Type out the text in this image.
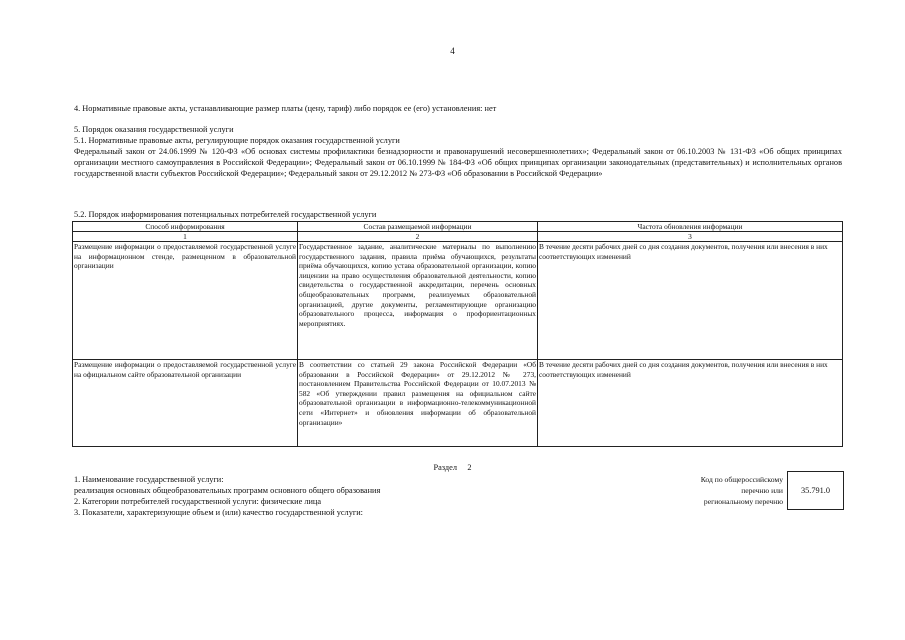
4
4. Нормативные правовые акты, устанавливающие размер платы (цену, тариф) либо порядок ее (его) установления: нет
5. Порядок оказания государственной услуги
5.1. Нормативные правовые акты, регулирующие порядок оказания государственной услуги
Федеральный закон от 24.06.1999 № 120-ФЗ «Об основах системы профилактики безнадзорности и правонарушений несовершеннолетних»; Федеральный закон от 06.10.2003 № 131-ФЗ «Об общих принципах организации местного самоуправления в Российской Федерации»; Федеральный закон от 06.10.1999 № 184-ФЗ «Об общих принципах организации законодательных (представительных) и исполнительных органов государственной власти субъектов Российской Федерации»; Федеральный закон от 29.12.2012 № 273-ФЗ «Об образовании в Российской Федерации»
5.2. Порядок информирования потенциальных потребителей государственной услуги
Способ информирования	Состав размещаемой информации	Частота обновления информации
1	2	3
Размещение информации о предоставляемой государственной услуге на информационном стенде, размещенном в образовательной организации	Государственное задание, аналитические материалы по выполнению государственного задания, правила приёма обучающихся, результаты приёма обучающихся, копию устава образовательной организации, копию лицензии на право осуществления образовательной деятельности, копию свидетельства о государственной аккредитации, перечень основных общеобразовательных программ, реализуемых образовательной организацией, другие документы, регламентирующие организацию образовательного процесса, информация о профориентационных мероприятиях.	В течение десяти рабочих дней со дня создания документов, получения или внесения в них соответствующих изменений
Размещение информации о предоставляемой государственной услуге на официальном сайте образовательной организации	В соответствии со статьей 29 закона Российской Федерации «Об образовании в Российской Федерации» от 29.12.2012 № 273, постановлением Правительства Российской Федерации от 10.07.2013 № 582 «Об утверждении правил размещения на официальном сайте образовательной организации в информационно-телекоммуникационной сети «Интернет» и обновления информации об образовательной организации»	В течение десяти рабочих дней со дня создания документов, получения или внесения в них соответствующих изменений
Раздел 2
1. Наименование государственной услуги:
реализация основных общеобразовательных программ основного общего образования
2. Категории потребителей государственной услуги: физические лица
3. Показатели, характеризующие объем и (или) качество государственной услуги:
Код по общероссийскому
перечню или
региональному перечню
35.791.0
